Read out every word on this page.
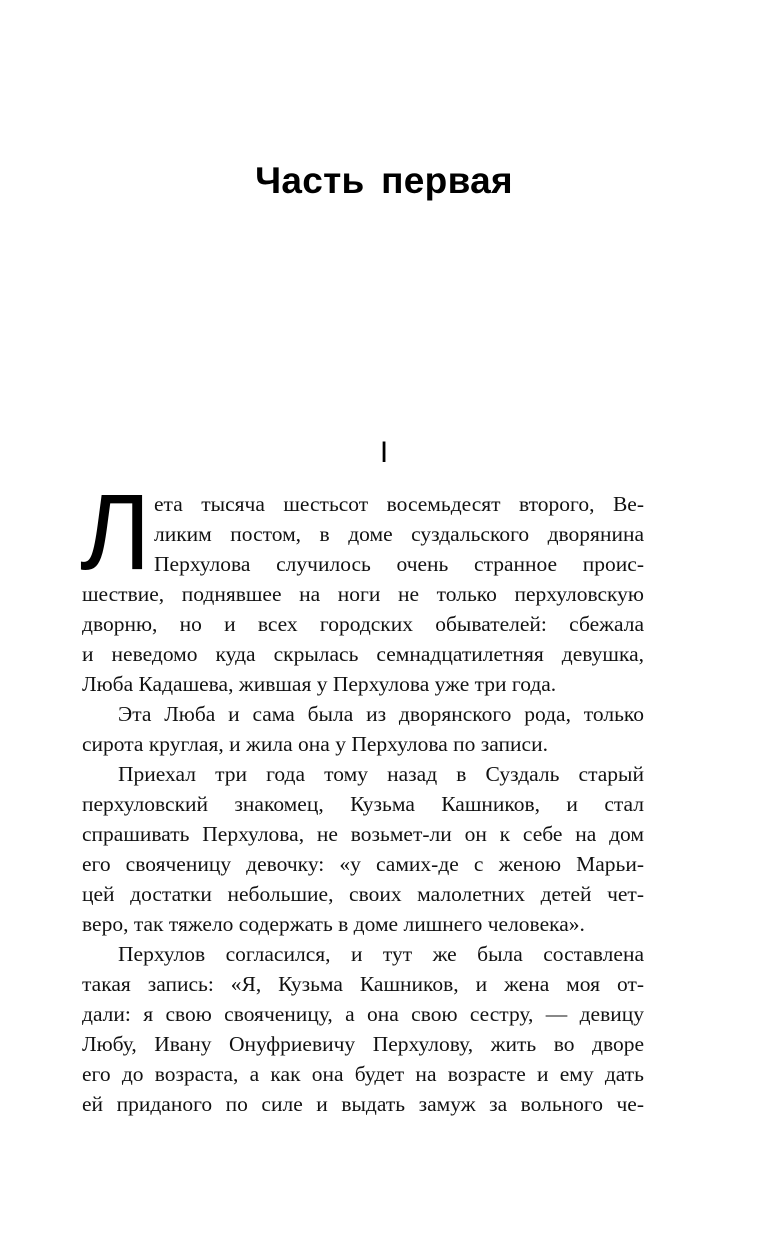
Часть первая
I
Л ета тысяча шестьсот восемьдесят второго, Ве-
ликим постом, в доме суздальского дворянина
Перхулова случилось очень странное проис-
шествие, поднявшее на ноги не только перхуловскую
дворню, но и всех городских обывателей: сбежала
и неведомо куда скрылась семнадцатилетняя девушка,
Люба Кадашева, жившая у Перхулова уже три года.
Эта Люба и сама была из дворянского рода, только
сирота круглая, и жила она у Перхулова по записи.
Приехал три года тому назад в Суздаль старый
перхуловский знакомец, Кузьма Кашников, и стал
спрашивать Перхулова, не возьмет-ли он к себе на дом
его свояченицу девочку: «у самих-де с женою Марьи-
цей достатки небольшие, своих малолетних детей чет-
веро, так тяжело содержать в доме лишнего человека».
Перхулов согласился, и тут же была составлена
такая запись: «Я, Кузьма Кашников, и жена моя от-
дали: я свою свояченицу, а она свою сестру, — девицу
Любу, Ивану Онуфриевичу Перхулову, жить во дворе
его до возраста, а как она будет на возрасте и ему дать
ей приданого по силе и выдать замуж за вольного че-
